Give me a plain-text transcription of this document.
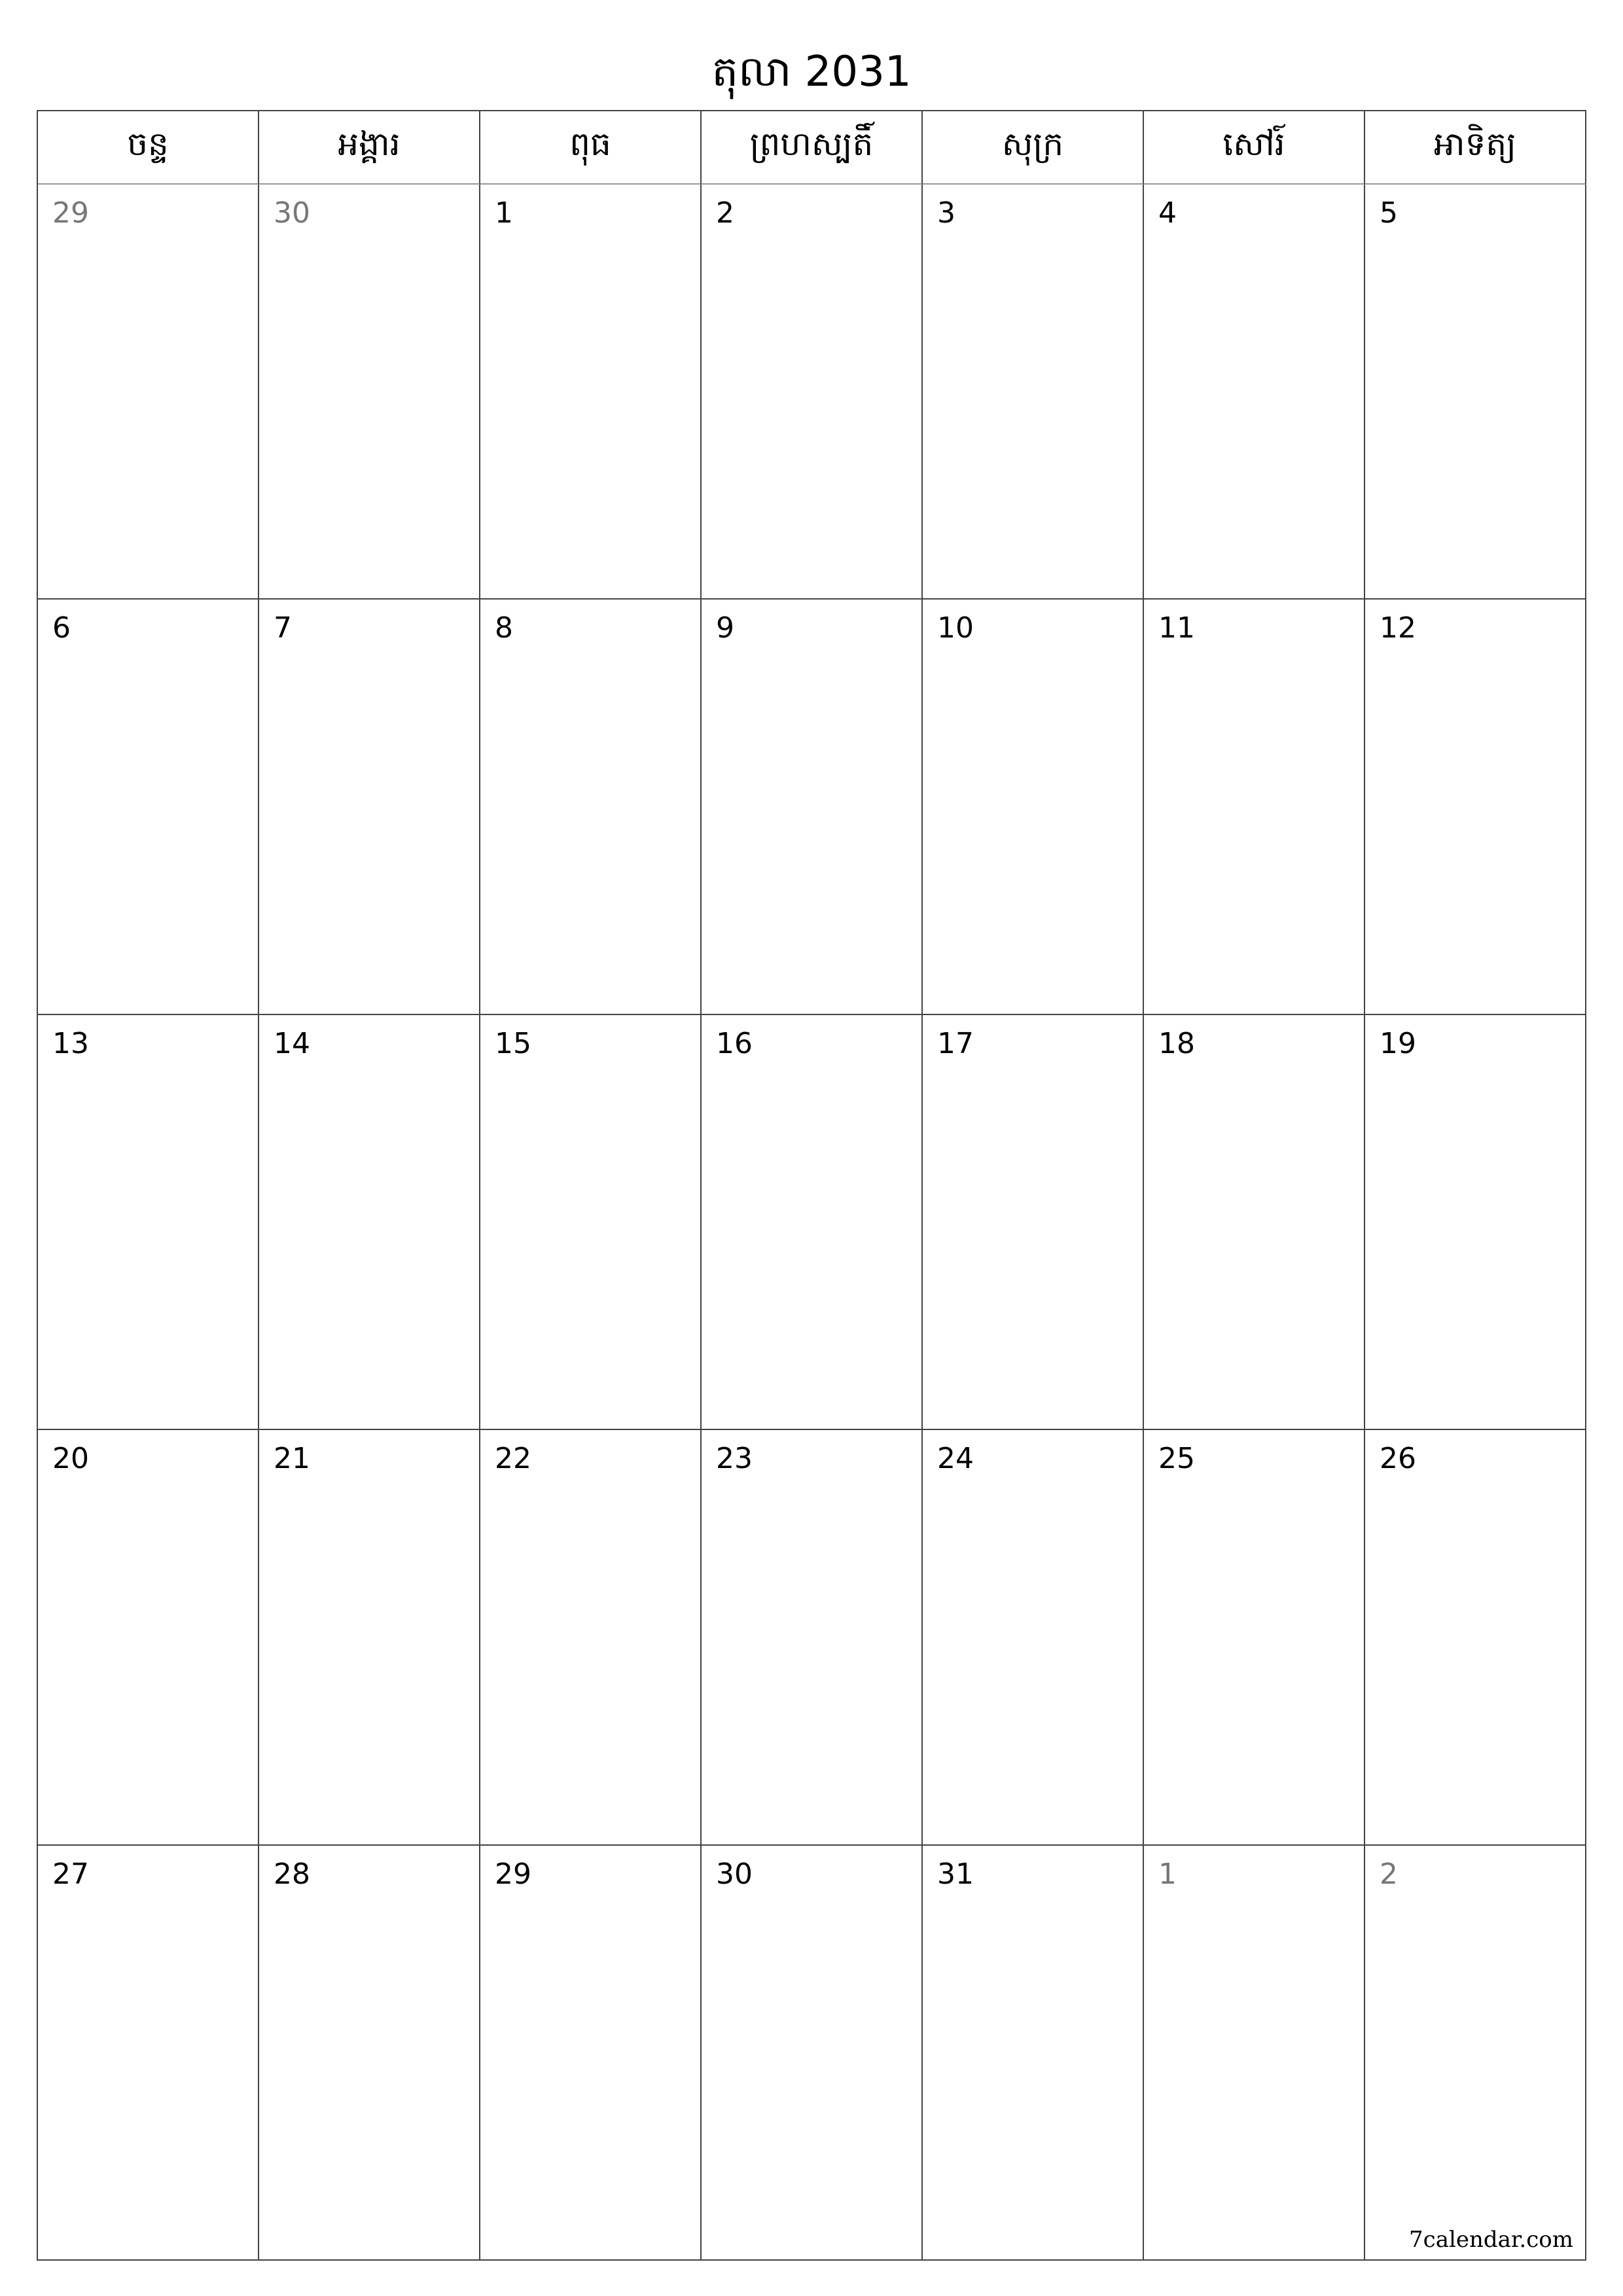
តុលា 2031
ចន្ទ	អង្គារ	ពុធ	ព្រហស្បតិ៍	សុក្រ	សៅរ៍	អាទិត្យ
29	30	1	2	3	4	5
6	7	8	9	10	11	12
13	14	15	16	17	18	19
20	21	22	23	24	25	26
27	28	29	30	31	1	2
7calendar.com
